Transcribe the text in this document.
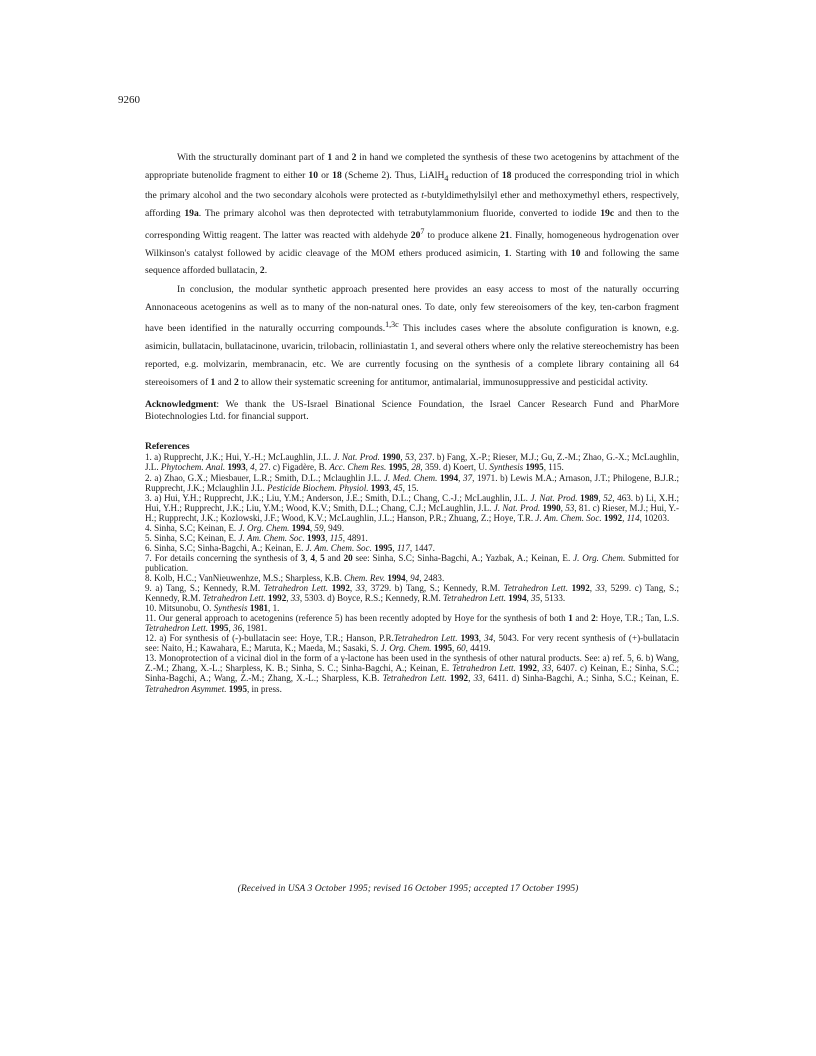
9260

With the structurally dominant part of 1 and 2 in hand we completed the synthesis of these two acetogenins by attachment of the appropriate butenolide fragment to either 10 or 18 (Scheme 2). Thus, LiAlH$_4$ reduction of 18 produced the corresponding triol in which the primary alcohol and the two secondary alcohols were protected as t-butyldimethylsilyl ether and methoxymethyl ethers, respectively, affording 19a. The primary alcohol was then deprotected with tetrabutylammonium fluoride, converted to iodide 19c and then to the corresponding Wittig reagent. The latter was reacted with aldehyde $20^7$ to produce alkene 21. Finally, homogeneous hydrogenation over Wilkinson's catalyst followed by acidic cleavage of the MOM ethers produced asimicin, 1. Starting with 10 and following the same sequence afforded bullatacin, 2.

In conclusion, the modular synthetic approach presented here provides an easy access to most of the naturally occurring Annonaceous acetogenins as well as to many of the non-natural ones. To date, only few stereoisomers of the key, ten-carbon fragment have been identified in the naturally occurring compounds.$^{1,3c}$ This includes cases where the absolute configuration is known, e.g. asimicin, bullatacin, bullatacinone, uvaricin, trilobacin, rolliniastatin 1, and several others where only the relative stereochemistry has been reported, e.g. molvizarin, membranacin, etc. We are currently focusing on the synthesis of a complete library containing all 64 stereoisomers of 1 and 2 to allow their systematic screening for antitumor, antimalarial, immunosuppressive and pesticidal activity.

Acknowledgment: We thank the US-Israel Binational Science Foundation, the Israel Cancer Research Fund and PharMore Biotechnologies Ltd. for financial support.

References

1. a) Rupprecht, J.K.; Hui, Y.-H.; McLaughlin, J.L. J. Nat. Prod. 1990, 53, 237. b) Fang, X.-P.; Rieser, M.J.; Gu, Z.-M.; Zhao, G.-X.; McLaughlin, J.L. Phytochem. Anal. 1993, 4, 27. c) Figadère, B. Acc. Chem Res. 1995, 28, 359. d) Koert, U. Synthesis 1995, 115.
2. a) Zhao, G.X.; Miesbauer, L.R.; Smith, D.L.; Mclaughlin J.L. J. Med. Chem. 1994, 37, 1971. b) Lewis M.A.; Arnason, J.T.; Philogene, B.J.R.; Rupprecht, J.K.; Mclaughlin J.L. Pesticide Biochem. Physiol. 1993, 45, 15.
3. a) Hui, Y.H.; Rupprecht, J.K.; Liu, Y.M.; Anderson, J.E.; Smith, D.L.; Chang, C.-J.; McLaughlin, J.L. J. Nat. Prod. 1989, 52, 463. b) Li, X.H.; Hui, Y.H.; Rupprecht, J.K.; Liu, Y.M.; Wood, K.V.; Smith, D.L.; Chang, C.J.; McLaughlin, J.L. J. Nat. Prod. 1990, 53, 81. c) Rieser, M.J.; Hui, Y.-H.; Rupprecht, J.K.; Kozlowski, J.F.; Wood, K.V.; McLaughlin, J.L.; Hanson, P.R.; Zhuang, Z.; Hoye, T.R. J. Am. Chem. Soc. 1992, 114, 10203.
4. Sinha, S.C; Keinan, E. J. Org. Chem. 1994, 59, 949.
5. Sinha, S.C; Keinan, E. J. Am. Chem. Soc. 1993, 115, 4891.
6. Sinha, S.C; Sinha-Bagchi, A.; Keinan, E. J. Am. Chem. Soc. 1995, 117, 1447.
7. For details concerning the synthesis of 3, 4, 5 and 20 see: Sinha, S.C; Sinha-Bagchi, A.; Yazbak, A.; Keinan, E. J. Org. Chem. Submitted for publication.
8. Kolb, H.C.; VanNieuwenhze, M.S.; Sharpless, K.B. Chem. Rev. 1994, 94, 2483.
9. a) Tang, S.; Kennedy, R.M. Tetrahedron Lett. 1992, 33, 3729. b) Tang, S.; Kennedy, R.M. Tetrahedron Lett. 1992, 33, 5299. c) Tang, S.; Kennedy, R.M. Tetrahedron Lett. 1992, 33, 5303. d) Boyce, R.S.; Kennedy, R.M. Tetrahedron Lett. 1994, 35, 5133.
10. Mitsunobu, O. Synthesis 1981, 1.
11. Our general approach to acetogenins (reference 5) has been recently adopted by Hoye for the synthesis of both 1 and 2: Hoye, T.R.; Tan, L.S. Tetrahedron Lett. 1995, 36, 1981.
12. a) For synthesis of (-)-bullatacin see: Hoye, T.R.; Hanson, P.R.Tetrahedron Lett. 1993, 34, 5043. For very recent synthesis of (+)-bullatacin see: Naito, H.; Kawahara, E.; Maruta, K.; Maeda, M.; Sasaki, S. J. Org. Chem. 1995, 60, 4419.
13. Monoprotection of a vicinal diol in the form of a γ-lactone has been used in the synthesis of other natural products. See: a) ref. 5, 6. b) Wang, Z.-M.; Zhang, X.-L.; Sharpless, K. B.; Sinha, S. C.; Sinha-Bagchi, A.; Keinan, E. Tetrahedron Lett. 1992, 33, 6407. c) Keinan, E.; Sinha, S.C.; Sinha-Bagchi, A.; Wang, Z.-M.; Zhang, X.-L.; Sharpless, K.B. Tetrahedron Lett. 1992, 33, 6411. d) Sinha-Bagchi, A.; Sinha, S.C.; Keinan, E. Tetrahedron Asymmet. 1995, in press.
(Received in USA 3 October 1995; revised 16 October 1995; accepted 17 October 1995)
